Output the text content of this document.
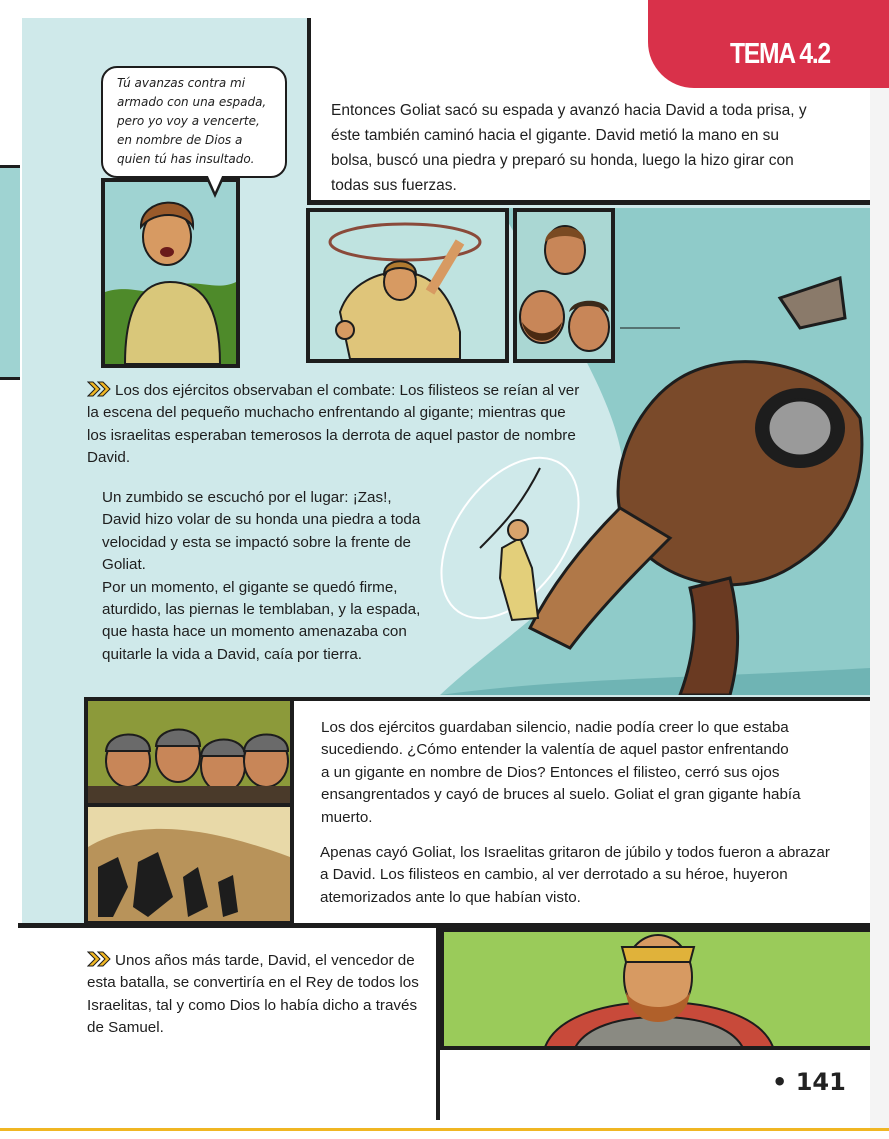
Entonces Goliat sacó su espada y avanzó hacia David a toda prisa, y éste también caminó hacia el gigante. David metió la mano en su bolsa, buscó una piedra y preparó su honda, luego la hizo girar con todas sus fuerzas.

TEMA 4.2
Tú avanzas contra mi armado con una espada, pero yo voy a vencerte, en nombre de Dios a quien tú has insultado.
Los dos ejércitos observaban el combate: Los filisteos se reían al ver la escena del pequeño muchacho enfrentando al gigante; mientras que los israelitas esperaban temerosos la derrota de aquel pastor de nombre David.
Un zumbido se escuchó por el lugar: ¡Zas!, David hizo volar de su honda una piedra a toda velocidad y esta se impactó sobre la frente de Goliat.
Por un momento, el gigante se quedó firme, aturdido, las piernas le temblaban, y la espada, que hasta hace un momento amenazaba con quitarle la vida a David, caía por tierra.
Los dos ejércitos guardaban silencio, nadie podía creer lo que estaba sucediendo. ¿Cómo entender la valentía de aquel pastor enfrentando a un gigante en nombre de Dios? Entonces el filisteo, cerró sus ojos ensangrentados y cayó de bruces al suelo. Goliat el gran gigante había muerto.
Apenas cayó Goliat, los Israelitas gritaron de júbilo y todos fueron a abrazar a David. Los filisteos en cambio, al ver derrotado a su héroe, huyeron atemorizados ante lo que habían visto.
Unos años más tarde, David, el vencedor de esta batalla, se convertiría en el Rey de todos los Israelitas, tal y como Dios lo había dicho a través de Samuel.
• 141
